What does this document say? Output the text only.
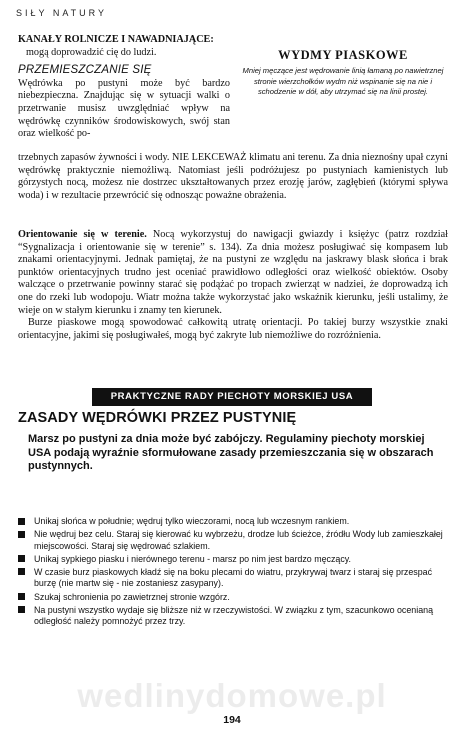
SIŁY NATURY

KANAŁY ROLNICZE I NAWADNIAJĄCE:

mogą doprowadzić cię do ludzi.

PRZEMIESZCZANIE SIĘ

Wędrówka po pustyni może być bardzo niebezpieczna. Znajdując się w sytuacji walki o przetrwanie musisz uwzględniać wpływ na wędrówkę czynników środowiskowych, swój stan oraz wielkość po-

WYDMY PIASKOWE

Mniej męczące jest wędrowanie linią łamaną po nawietrznej stronie wierzchołków wydm niż wspinanie się na nie i schodzenie w dół, aby utrzymać się na linii prostej.

trzebnych zapasów żywności i wody. NIE LEKCEWAŻ klimatu ani terenu. Za dnia nieznośny upał czyni wędrówkę praktycznie niemożliwą. Natomiast jeśli podróżujesz po pustyniach kamienistych lub górzystych nocą, możesz nie dostrzec ukształtowanych przez erozję jarów, zagłębień (którymi spływa woda) i w rezultacie przewrócić się odnosząc poważne obrażenia.

Orientowanie się w terenie. Nocą wykorzystuj do nawigacji gwiazdy i księżyc (patrz rozdział “Sygnalizacja i orientowanie się w terenie” s. 134). Za dnia możesz posługiwać się kompasem lub znakami orientacyjnymi. Jednak pamiętaj, że na pustyni ze względu na jaskrawy blask słońca i brak punktów orientacyjnych trudno jest oceniać prawidłowo odległości oraz wielkość obiektów. Osoby walczące o przetrwanie powinny starać się podążać po tropach zwierząt w nadziei, że doprowadzą ich one do rzeki lub wodopoju. Wiatr można także wykorzystać jako wskaźnik kierunku, jeśli ustalimy, że wieje on w stałym kierunku i znamy ten kierunek.

Burze piaskowe mogą spowodować całkowitą utratę orientacji. Po takiej burzy wszystkie znaki orientacyjne, jakimi się posługiwałeś, mogą być zakryte lub niemożliwe do rozróżnienia.

PRAKTYCZNE RADY PIECHOTY MORSKIEJ USA
ZASADY WĘDRÓWKI PRZEZ PUSTYNIĘ
Marsz po pustyni za dnia może być zabójczy. Regulaminy piechoty morskiej USA podają wyraźnie sformułowane zasady przemieszczania się w obszarach pustynnych.
Unikaj słońca w południe; wędruj tylko wieczorami, nocą lub wczesnym rankiem.
Nie wędruj bez celu. Staraj się kierować ku wybrzeżu, drodze lub ścieżce, źródłu Wody lub zamieszkałej miejscowości. Staraj się wędrować szlakiem.
Unikaj sypkiego piasku i nierównego terenu - marsz po nim jest bardzo męczący.
W czasie burz piaskowych kładź się na boku plecami do wiatru, przykrywaj twarz i staraj się przespać burzę (nie martw się - nie zostaniesz zasypany).
Szukaj schronienia po zawietrznej stronie wzgórz.
Na pustyni wszystko wydaje się bliższe niż w rzeczywistości. W związku z tym, szacunkowo ocenianą odległość należy pomnożyć przez trzy.
wedlinydomowe.pl
194
